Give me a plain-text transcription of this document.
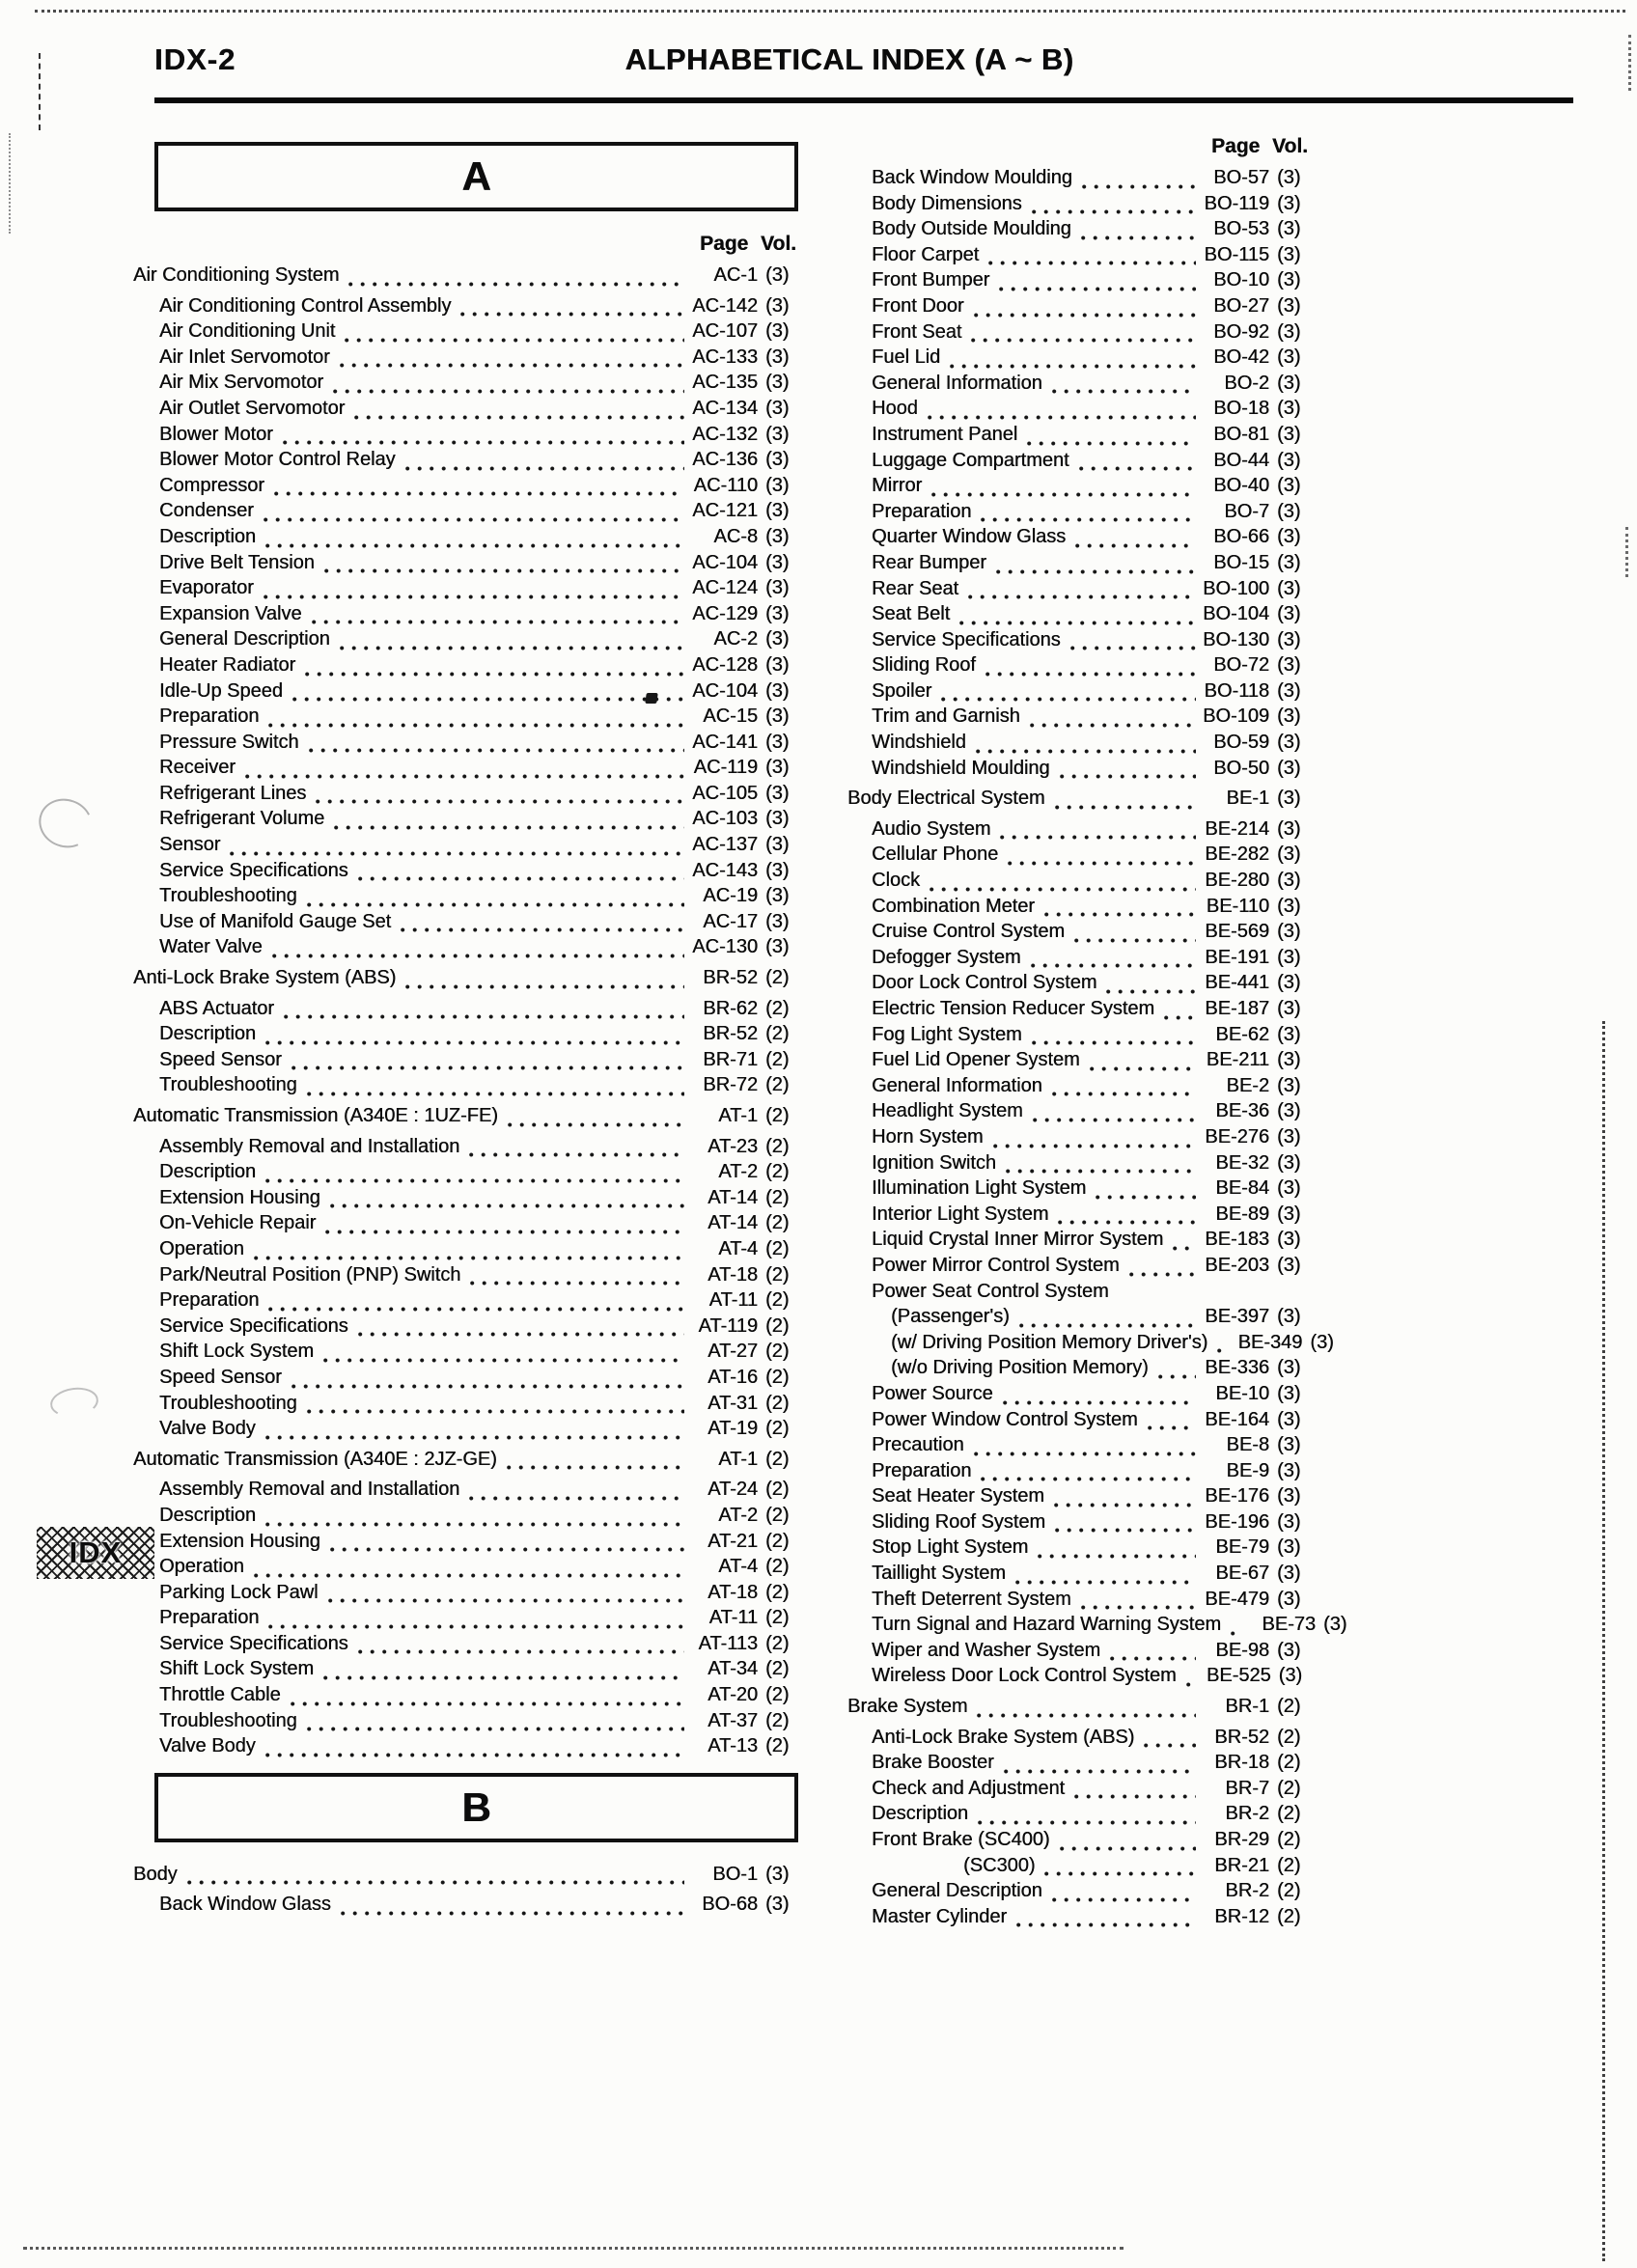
IDX-2	ALPHABETICAL INDEX (A ~ B)
A
Page Vol.
Air Conditioning System	AC-1 (3)
Air Conditioning Control Assembly	AC-142 (3)
Air Conditioning Unit	AC-107 (3)
Air Inlet Servomotor	AC-133 (3)
Air Mix Servomotor	AC-135 (3)
Air Outlet Servomotor	AC-134 (3)
Blower Motor	AC-132 (3)
Blower Motor Control Relay	AC-136 (3)
Compressor	AC-110 (3)
Condenser	AC-121 (3)
Description	AC-8 (3)
Drive Belt Tension	AC-104 (3)
Evaporator	AC-124 (3)
Expansion Valve	AC-129 (3)
General Description	AC-2 (3)
Heater Radiator	AC-128 (3)
Idle-Up Speed	AC-104 (3)
Preparation	AC-15 (3)
Pressure Switch	AC-141 (3)
Receiver	AC-119 (3)
Refrigerant Lines	AC-105 (3)
Refrigerant Volume	AC-103 (3)
Sensor	AC-137 (3)
Service Specifications	AC-143 (3)
Troubleshooting	AC-19 (3)
Use of Manifold Gauge Set	AC-17 (3)
Water Valve	AC-130 (3)
Anti-Lock Brake System (ABS)	BR-52 (2)
ABS Actuator	BR-62 (2)
Description	BR-52 (2)
Speed Sensor	BR-71 (2)
Troubleshooting	BR-72 (2)
Automatic Transmission (A340E : 1UZ-FE)	AT-1 (2)
Assembly Removal and Installation	AT-23 (2)
Description	AT-2 (2)
Extension Housing	AT-14 (2)
On-Vehicle Repair	AT-14 (2)
Operation	AT-4 (2)
Park/Neutral Position (PNP) Switch	AT-18 (2)
Preparation	AT-11 (2)
Service Specifications	AT-119 (2)
Shift Lock System	AT-27 (2)
Speed Sensor	AT-16 (2)
Troubleshooting	AT-31 (2)
Valve Body	AT-19 (2)
Automatic Transmission (A340E : 2JZ-GE)	AT-1 (2)
Assembly Removal and Installation	AT-24 (2)
Description	AT-2 (2)
Extension Housing	AT-21 (2)
Operation	AT-4 (2)
Parking Lock Pawl	AT-18 (2)
Preparation	AT-11 (2)
Service Specifications	AT-113 (2)
Shift Lock System	AT-34 (2)
Throttle Cable	AT-20 (2)
Troubleshooting	AT-37 (2)
Valve Body	AT-13 (2)
B
Body	BO-1 (3)
Back Window Glass	BO-68 (3)
Page Vol.
Back Window Moulding	BO-57 (3)
Body Dimensions	BO-119 (3)
Body Outside Moulding	BO-53 (3)
Floor Carpet	BO-115 (3)
Front Bumper	BO-10 (3)
Front Door	BO-27 (3)
Front Seat	BO-92 (3)
Fuel Lid	BO-42 (3)
General Information	BO-2 (3)
Hood	BO-18 (3)
Instrument Panel	BO-81 (3)
Luggage Compartment	BO-44 (3)
Mirror	BO-40 (3)
Preparation	BO-7 (3)
Quarter Window Glass	BO-66 (3)
Rear Bumper	BO-15 (3)
Rear Seat	BO-100 (3)
Seat Belt	BO-104 (3)
Service Specifications	BO-130 (3)
Sliding Roof	BO-72 (3)
Spoiler	BO-118 (3)
Trim and Garnish	BO-109 (3)
Windshield	BO-59 (3)
Windshield Moulding	BO-50 (3)
Body Electrical System	BE-1 (3)
Audio System	BE-214 (3)
Cellular Phone	BE-282 (3)
Clock	BE-280 (3)
Combination Meter	BE-110 (3)
Cruise Control System	BE-569 (3)
Defogger System	BE-191 (3)
Door Lock Control System	BE-441 (3)
Electric Tension Reducer System	BE-187 (3)
Fog Light System	BE-62 (3)
Fuel Lid Opener System	BE-211 (3)
General Information	BE-2 (3)
Headlight System	BE-36 (3)
Horn System	BE-276 (3)
Ignition Switch	BE-32 (3)
Illumination Light System	BE-84 (3)
Interior Light System	BE-89 (3)
Liquid Crystal Inner Mirror System BE-183 (3)
Power Mirror Control System	BE-203 (3)
Power Seat Control System
(Passenger's)	BE-397 (3)
(w/ Driving Position Memory Driver's) BE-349 (3)
(w/o Driving Position Memory)	BE-336 (3)
Power Source	BE-10 (3)
Power Window Control System	BE-164 (3)
Precaution	BE-8 (3)
Preparation	BE-9 (3)
Seat Heater System	BE-176 (3)
Sliding Roof System	BE-196 (3)
Stop Light System	BE-79 (3)
Taillight System	BE-67 (3)
Theft Deterrent System	BE-479 (3)
Turn Signal and Hazard Warning System	BE-73 (3)
Wiper and Washer System	BE-98 (3)
Wireless Door Lock Control System BE-525 (3)
Brake System	BR-1 (2)
Anti-Lock Brake System (ABS)	BR-52 (2)
Brake Booster	BR-18 (2)
Check and Adjustment	BR-7 (2)
Description	BR-2 (2)
Front Brake (SC400)	BR-29 (2)
(SC300)	BR-21 (2)
General Description	BR-2 (2)
Master Cylinder	BR-12 (2)
IDX
